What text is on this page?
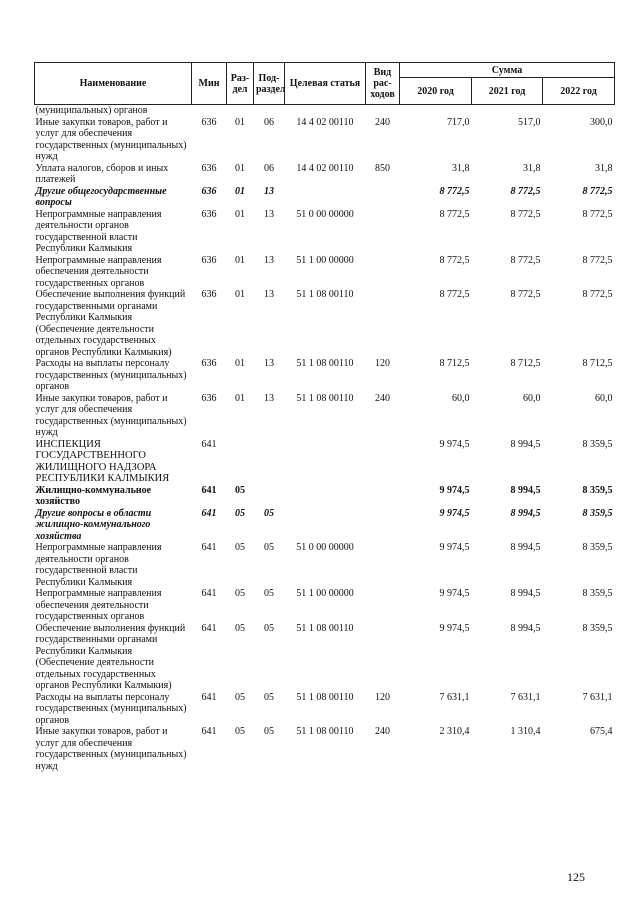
Наименование	Мин	Раз-дел	Под-раздел	Целевая статья	Вид рас-ходов	Сумма		
						2020 год	2021 год	2022 год
(муниципальных) органов								
Иные закупки товаров, работ и услуг для обеспечения государственных (муниципальных) нужд	636	01	06	14 4 02 00110	240	717,0	517,0	300,0
Уплата налогов, сборов и иных платежей	636	01	06	14 4 02 00110	850	31,8	31,8	31,8
Другие общегосударственные вопросы	636	01	13			8 772,5	8 772,5	8 772,5
Непрограммные направления деятельности органов государственной власти Республики Калмыкия	636	01	13	51 0 00 00000		8 772,5	8 772,5	8 772,5
Непрограммные направления обеспечения деятельности государственных органов	636	01	13	51 1 00 00000		8 772,5	8 772,5	8 772,5
Обеспечение выполнения функций государственными органами Республики Калмыкия (Обеспечение деятельности отдельных государственных органов Республики Калмыкия)	636	01	13	51 1 08 00110		8 772,5	8 772,5	8 772,5
Расходы на выплаты персоналу государственных (муниципальных) органов	636	01	13	51 1 08 00110	120	8 712,5	8 712,5	8 712,5
Иные закупки товаров, работ и услуг для обеспечения государственных (муниципальных) нужд	636	01	13	51 1 08 00110	240	60,0	60,0	60,0
ИНСПЕКЦИЯ ГОСУДАРСТВЕННОГО ЖИЛИЩНОГО НАДЗОРА РЕСПУБЛИКИ КАЛМЫКИЯ	641					9 974,5	8 994,5	8 359,5
Жилищно-коммунальное хозяйство	641	05				9 974,5	8 994,5	8 359,5
Другие вопросы в области жилищно-коммунального хозяйства	641	05	05			9 974,5	8 994,5	8 359,5
Непрограммные направления деятельности органов государственной власти Республики Калмыкия	641	05	05	51 0 00 00000		9 974,5	8 994,5	8 359,5
Непрограммные направления обеспечения деятельности государственных органов	641	05	05	51 1 00 00000		9 974,5	8 994,5	8 359,5
Обеспечение выполнения функций государственными органами Республики Калмыкия (Обеспечение деятельности отдельных государственных органов Республики Калмыкия)	641	05	05	51 1 08 00110		9 974,5	8 994,5	8 359,5
Расходы на выплаты персоналу государственных (муниципальных) органов	641	05	05	51 1 08 00110	120	7 631,1	7 631,1	7 631,1
Иные закупки товаров, работ и услуг для обеспечения государственных (муниципальных) нужд	641	05	05	51 1 08 00110	240	2 310,4	1 310,4	675,4
125
